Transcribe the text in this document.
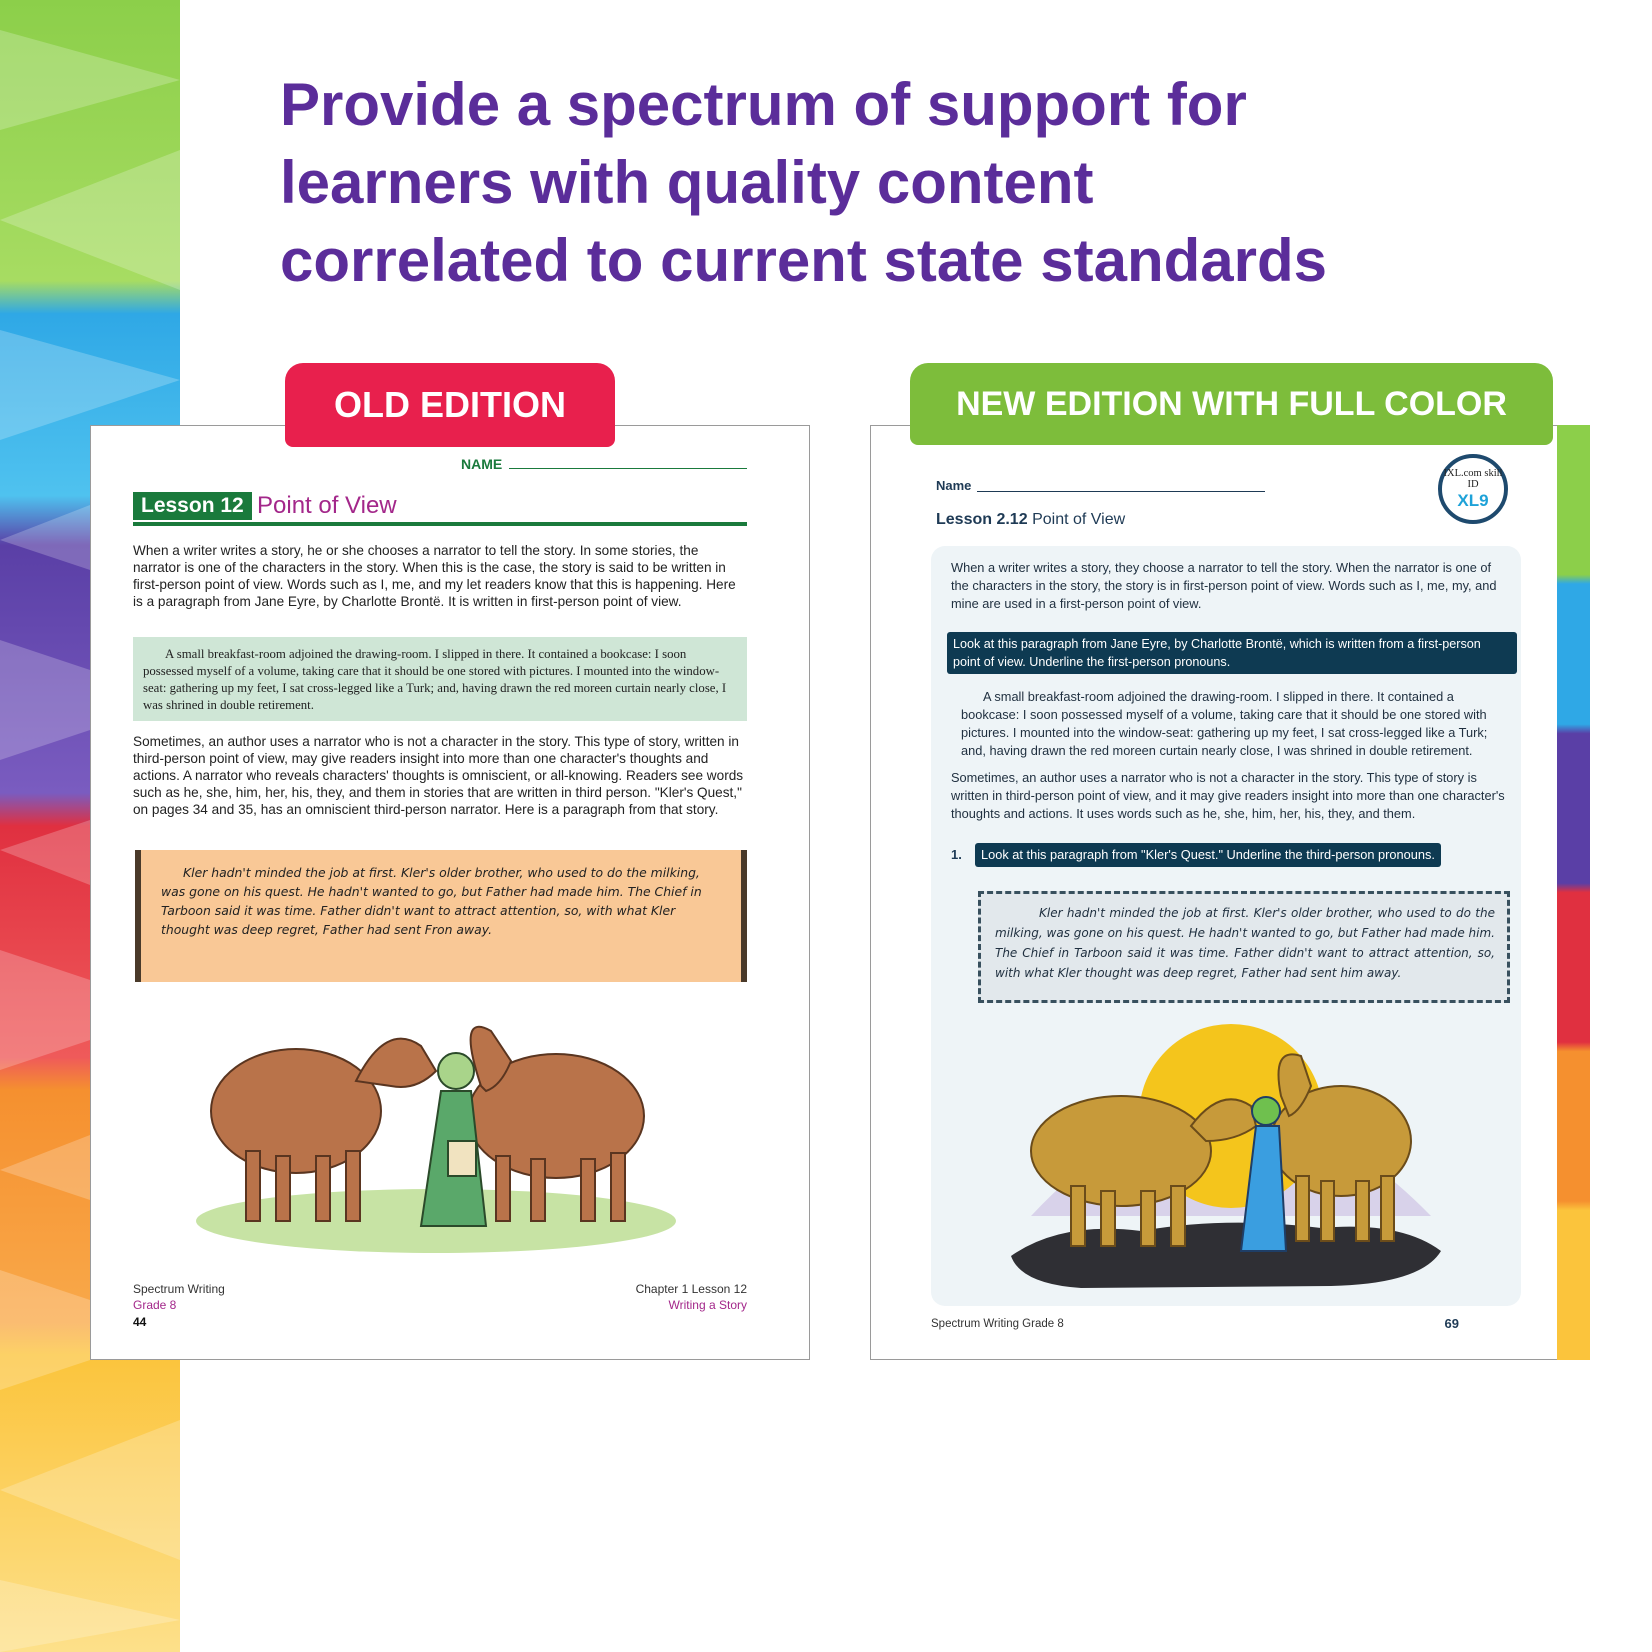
Provide a spectrum of support for
learners with quality content
correlated to current state standards
NAME
Lesson 12 Point of View

When a writer writes a story, he or she chooses a narrator to tell the story. In some stories, the narrator is one of the characters in the story. When this is the case, the story is said to be written in first-person point of view. Words such as I, me, and my let readers know that this is happening. Here is a paragraph from Jane Eyre, by Charlotte Brontë. It is written in first-person point of view.

A small breakfast-room adjoined the drawing-room. I slipped in there. It contained a bookcase: I soon possessed myself of a volume, taking care that it should be one stored with pictures. I mounted into the window-seat: gathering up my feet, I sat cross-legged like a Turk; and, having drawn the red moreen curtain nearly close, I was shrined in double retirement.

Sometimes, an author uses a narrator who is not a character in the story. This type of story, written in third-person point of view, may give readers insight into more than one character's thoughts and actions. A narrator who reveals characters' thoughts is omniscient, or all-knowing. Readers see words such as he, she, him, her, his, they, and them in stories that are written in third person. "Kler's Quest," on pages 34 and 35, has an omniscient third-person narrator. Here is a paragraph from that story.

Kler hadn't minded the job at first. Kler's older brother, who used to do the milking, was gone on his quest. He hadn't wanted to go, but Father had made him. The Chief in Tarboon said it was time. Father didn't want to attract attention, so, with what Kler thought was deep regret, Father had sent Fron away.

Spectrum Writing
Grade 8
44
Chapter 1 Lesson 12
Writing a Story
OLD EDITION
Name
Lesson 2.12 Point of View
IXL.com skill ID
XL9

When a writer writes a story, they choose a narrator to tell the story. When the narrator is one of the characters in the story, the story is in first-person point of view. Words such as I, me, my, and mine are used in a first-person point of view.

Look at this paragraph from Jane Eyre, by Charlotte Brontë, which is written from a first-person point of view. Underline the first-person pronouns.

A small breakfast-room adjoined the drawing-room. I slipped in there. It contained a bookcase: I soon possessed myself of a volume, taking care that it should be one stored with pictures. I mounted into the window-seat: gathering up my feet, I sat cross-legged like a Turk; and, having drawn the red moreen curtain nearly close, I was shrined in double retirement.

Sometimes, an author uses a narrator who is not a character in the story. This type of story is written in third-person point of view, and it may give readers insight into more than one character's thoughts and actions. It uses words such as he, she, him, her, his, they, and them.

1.	Look at this paragraph from "Kler's Quest." Underline the third-person pronouns.

Kler hadn't minded the job at first. Kler's older brother, who used to do the milking, was gone on his quest. He hadn't wanted to go, but Father had made him. The Chief in Tarboon said it was time. Father didn't want to attract attention, so, with what Kler thought was deep regret, Father had sent him away.

Spectrum Writing Grade 8	69
NEW EDITION WITH FULL COLOR
